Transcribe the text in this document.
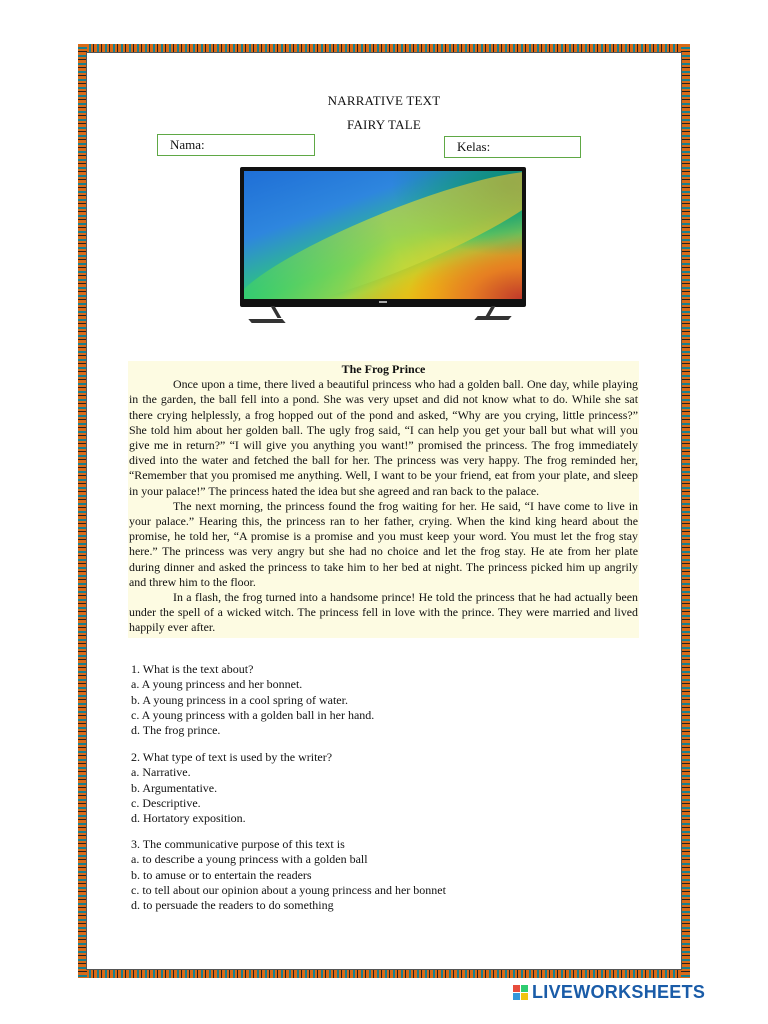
NARRATIVE TEXT
FAIRY TALE
Nama:	Kelas:
The Frog Prince

Once upon a time, there lived a beautiful princess who had a golden ball. One day, while playing in the garden, the ball fell into a pond. She was very upset and did not know what to do. While she sat there crying helplessly, a frog hopped out of the pond and asked, “Why are you crying, little princess?” She told him about her golden ball. The ugly frog said, “I can help you get your ball but what will you give me in return?” “I will give you anything you want!” promised the princess. The frog immediately dived into the water and fetched the ball for her. The princess was very happy. The frog reminded her, “Remember that you promised me anything. Well, I want to be your friend, eat from your plate, and sleep in your palace!” The princess hated the idea but she agreed and ran back to the palace.

The next morning, the princess found the frog waiting for her. He said, “I have come to live in your palace.” Hearing this, the princess ran to her father, crying. When the kind king heard about the promise, he told her, “A promise is a promise and you must keep your word. You must let the frog stay here.” The princess was very angry but she had no choice and let the frog stay. He ate from her plate during dinner and asked the princess to take him to her bed at night. The princess picked him up angrily and threw him to the floor.

In a flash, the frog turned into a handsome prince! He told the princess that he had actually been under the spell of a wicked witch. The princess fell in love with the prince. They were married and lived happily ever after.

1. What is the text about?
a. A young princess and her bonnet.
b. A young princess in a cool spring of water.
c. A young princess with a golden ball in her hand.
d. The frog prince.
2. What type of text is used by the writer?
a. Narrative.
b. Argumentative.
c. Descriptive.
d. Hortatory exposition.
3. The communicative purpose of this text is
a. to describe a young princess with a golden ball
b. to amuse or to entertain the readers
c. to tell about our opinion about a young princess and her bonnet
d. to persuade the readers to do something
LIVEWORKSHEETS
